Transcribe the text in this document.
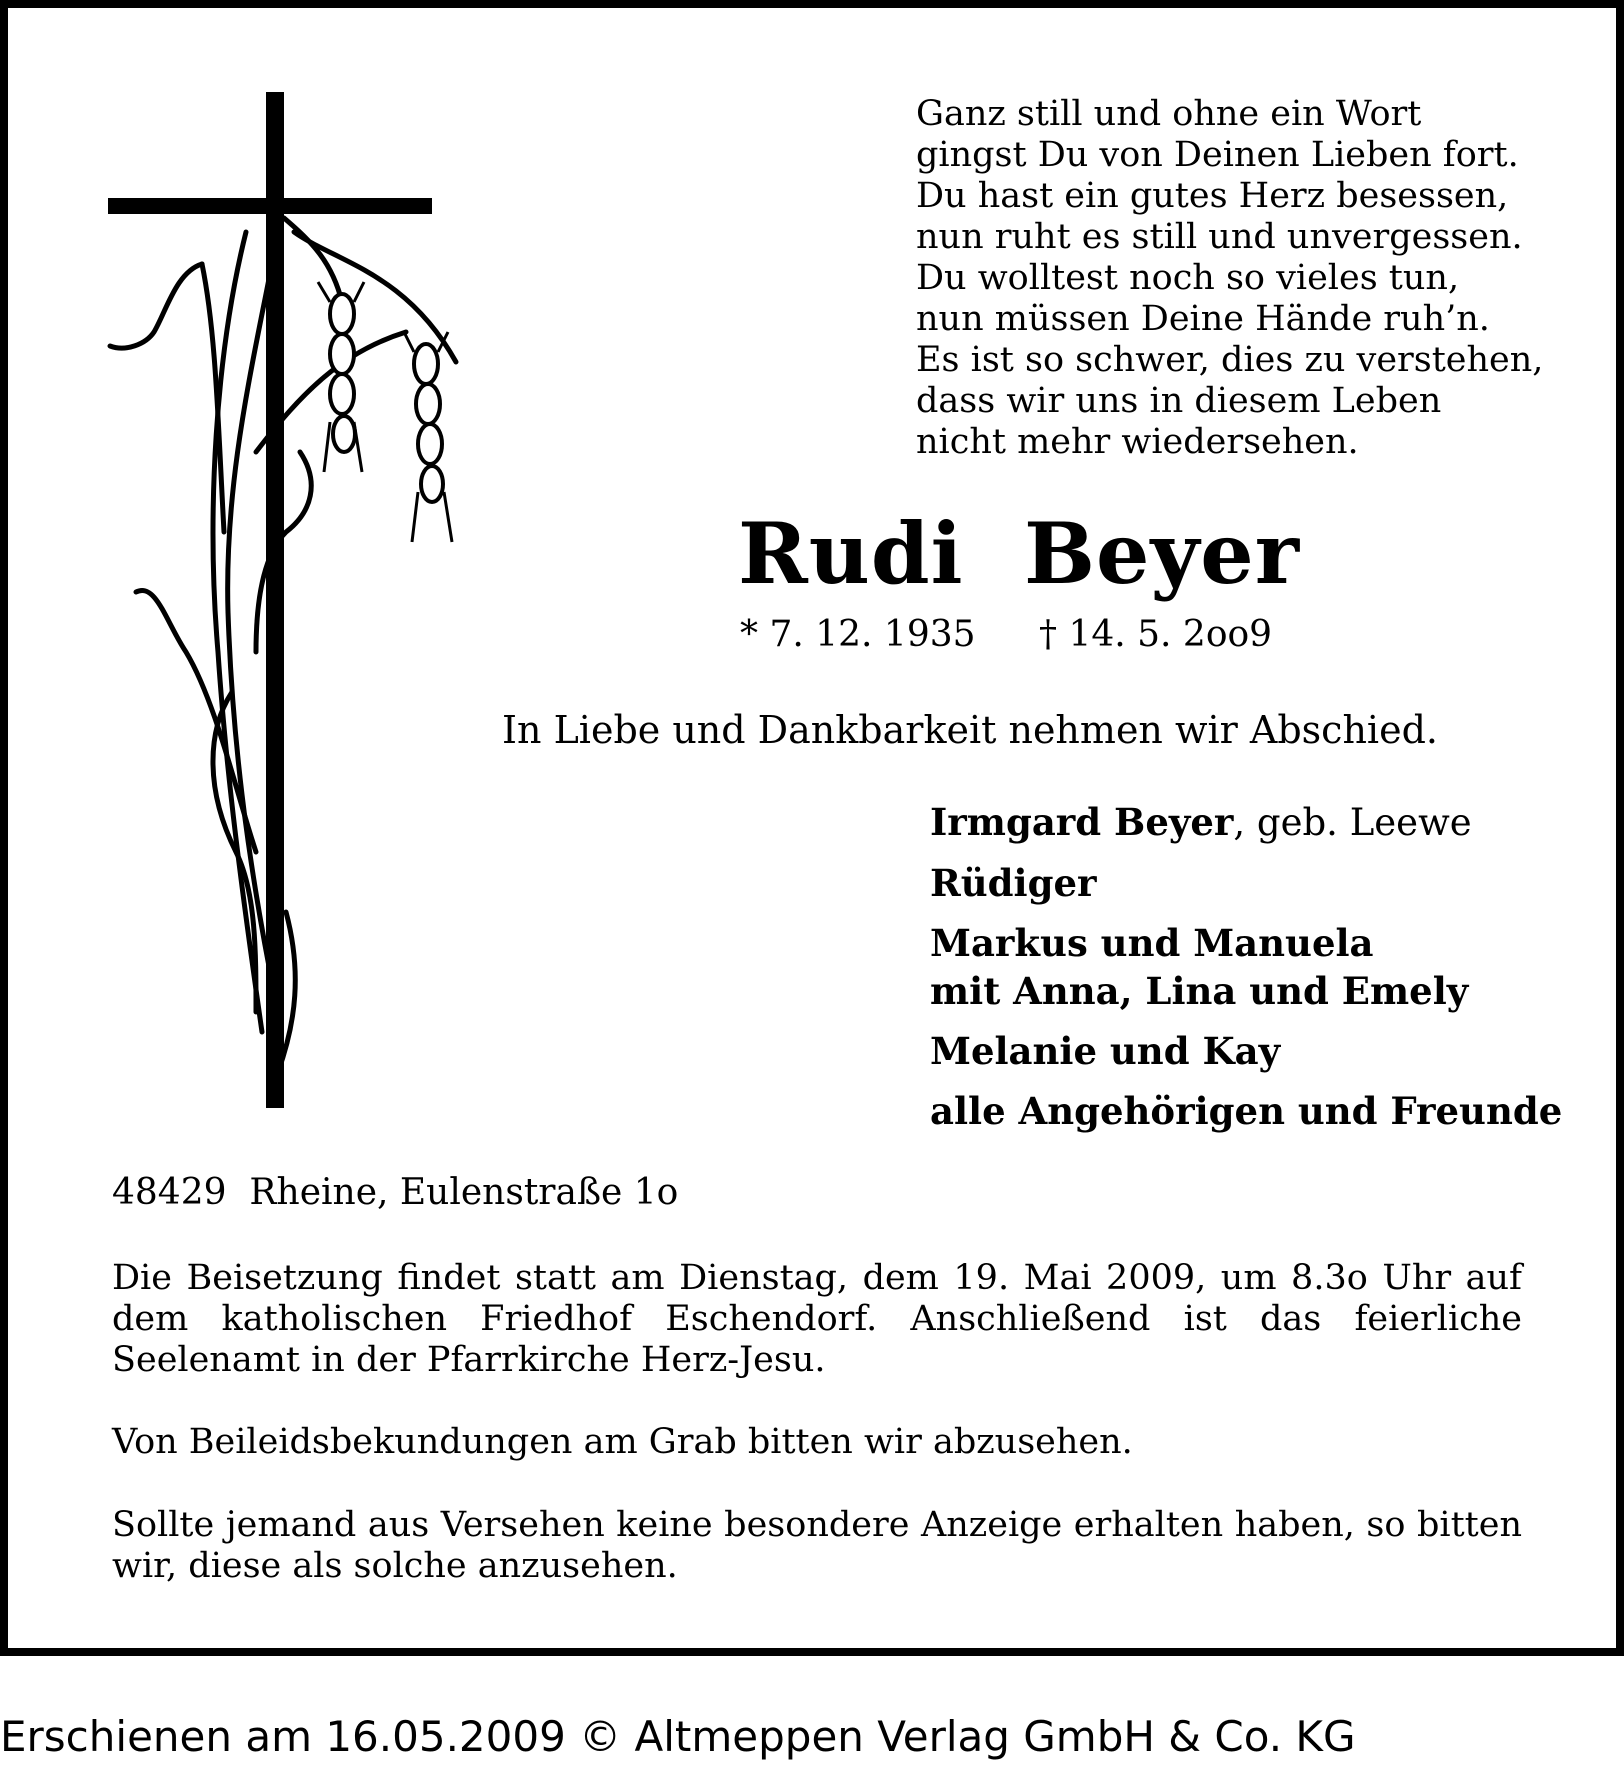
Ganz still und ohne ein Wort
gingst Du von Deinen Lieben fort.
Du hast ein gutes Herz besessen,
nun ruht es still und unvergessen.
Du wolltest noch so vieles tun,
nun müssen Deine Hände ruh’n.
Es ist so schwer, dies zu verstehen,
dass wir uns in diesem Leben
nicht mehr wiedersehen.
Rudi  Beyer
* 7. 12. 1935 † 14. 5. 2oo9
In Liebe und Dankbarkeit nehmen wir Abschied.
Irmgard Beyer, geb. Leewe
Rüdiger
Markus und Manuela
mit Anna, Lina und Emely
Melanie und Kay
alle Angehörigen und Freunde
48429  Rheine, Eulenstraße 1o
Die Beisetzung findet statt am Dienstag, dem 19. Mai 2009, um 8.3o Uhr auf dem katholischen Friedhof Eschendorf. Anschließend ist das feierliche Seelenamt in der Pfarrkirche Herz-Jesu.
Von Beileidsbekundungen am Grab bitten wir abzusehen.
Sollte jemand aus Versehen keine besondere Anzeige erhalten haben, so bitten wir, diese als solche anzusehen.
Erschienen am 16.05.2009 © Altmeppen Verlag GmbH & Co. KG
